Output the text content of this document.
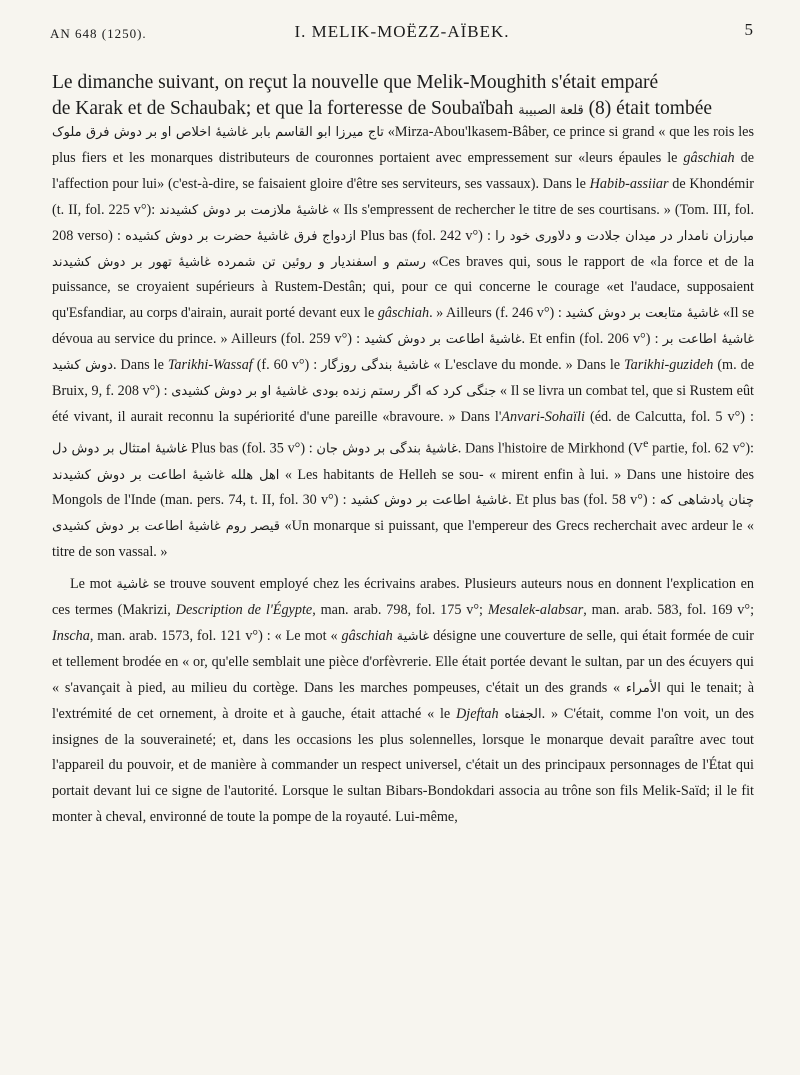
AN 648 (1250).	I. MELIK-MOËZZ-AÏBEK.	5

Le dimanche suivant, on reçut la nouvelle que Melik-Moughith s'était emparé

de Karak et de Schaubak; et que la forteresse de Soubaïbah قلعة الصبيبة (8) était tombée

تاج میرزا ابو القاسم بابر غاشیهٔ اخلاص او بر دوش فرق ملوک «Mirza-Abou'lkasem-Bâber, ce prince si grand « que les rois les plus fiers et les monarques distributeurs de couronnes portaient avec empressement sur «leurs épaules le gâschiah de l'affection pour lui» (c'est-à-dire, se faisaient gloire d'être ses serviteurs, ses vassaux). Dans le Habib-assiiar de Khondémir (t. II, fol. 225 v°): غاشیهٔ ملازمت بر دوش کشیدند « Ils s'empressent de rechercher le titre de ses courtisans. » (Tom. III, fol. 208 verso) : ازدواج فرق غاشیهٔ حضرت بر دوش کشیده Plus bas (fol. 242 v°) : مبارزان نامدار در میدان جلادت و دلاوری خود را رستم و اسفندیار و روئین تن شمرده غاشیهٔ تهور بر دوش کشیدند «Ces braves qui, sous le rapport de «la force et de la puissance, se croyaient supérieurs à Rustem-Destân; qui, pour ce qui concerne le courage «et l'audace, supposaient qu'Esfandiar, au corps d'airain, aurait porté devant eux le gâschiah. » Ailleurs (f. 246 v°) : غاشیهٔ متابعت بر دوش کشید «Il se dévoua au service du prince. » Ailleurs (fol. 259 v°) : غاشیهٔ اطاعت بر دوش کشید. Et enfin (fol. 206 v°) : غاشیهٔ اطاعت بر دوش کشید. Dans le Tarikhi-Wassaf (f. 60 v°) : غاشیهٔ بندگی روزگار « L'esclave du monde. » Dans le Tarikhi-guzideh (m. de Bruix, 9, f. 208 v°) : جنگی کرد که اگر رستم زنده بودی غاشیهٔ او بر دوش کشیدی « Il se livra un combat tel, que si Rustem eût été vivant, il aurait reconnu la supériorité d'une pareille «bravoure. » Dans l'Anvari-Sohaïli (éd. de Calcutta, fol. 5 v°) : غاشیهٔ امتثال بر دوش دل Plus bas (fol. 35 v°) : غاشیهٔ بندگی بر دوش جان. Dans l'histoire de Mirkhond (Ve partie, fol. 62 v°): اهل هلله غاشیهٔ اطاعت بر دوش کشیدند « Les habitants de Helleh se sou- « mirent enfin à lui. » Dans une histoire des Mongols de l'Inde (man. pers. 74, t. II, fol. 30 v°) : غاشیهٔ اطاعت بر دوش کشید. Et plus bas (fol. 58 v°) : چنان پادشاهی که قیصر روم غاشیهٔ اطاعت بر دوش کشیدی «Un monarque si puissant, que l'empereur des Grecs recherchait avec ardeur le « titre de son vassal. »

Le mot غاشیة se trouve souvent employé chez les écrivains arabes. Plusieurs auteurs nous en donnent l'explication en ces termes (Makrizi, Description de l'Égypte, man. arab. 798, fol. 175 v°; Mesalek-alabsar, man. arab. 583, fol. 169 v°; Inscha, man. arab. 1573, fol. 121 v°) : « Le mot « gâschiah غاشیة désigne une couverture de selle, qui était formée de cuir et tellement brodée en « or, qu'elle semblait une pièce d'orfèvrerie. Elle était portée devant le sultan, par un des écuyers qui « s'avançait à pied, au milieu du cortège. Dans les marches pompeuses, c'était un des grands « الأمراء qui le tenait; à l'extrémité de cet ornement, à droite et à gauche, était attaché « le Djeftah الجفتاه. » C'était, comme l'on voit, un des insignes de la souveraineté; et, dans les occasions les plus solennelles, lorsque le monarque devait paraître avec tout l'appareil du pouvoir, et de manière à commander un respect universel, c'était un des principaux personnages de l'État qui portait devant lui ce signe de l'autorité. Lorsque le sultan Bibars-Bondokdari associa au trône son fils Melik-Saïd; il le fit monter à cheval, environné de toute la pompe de la royauté. Lui-même,
